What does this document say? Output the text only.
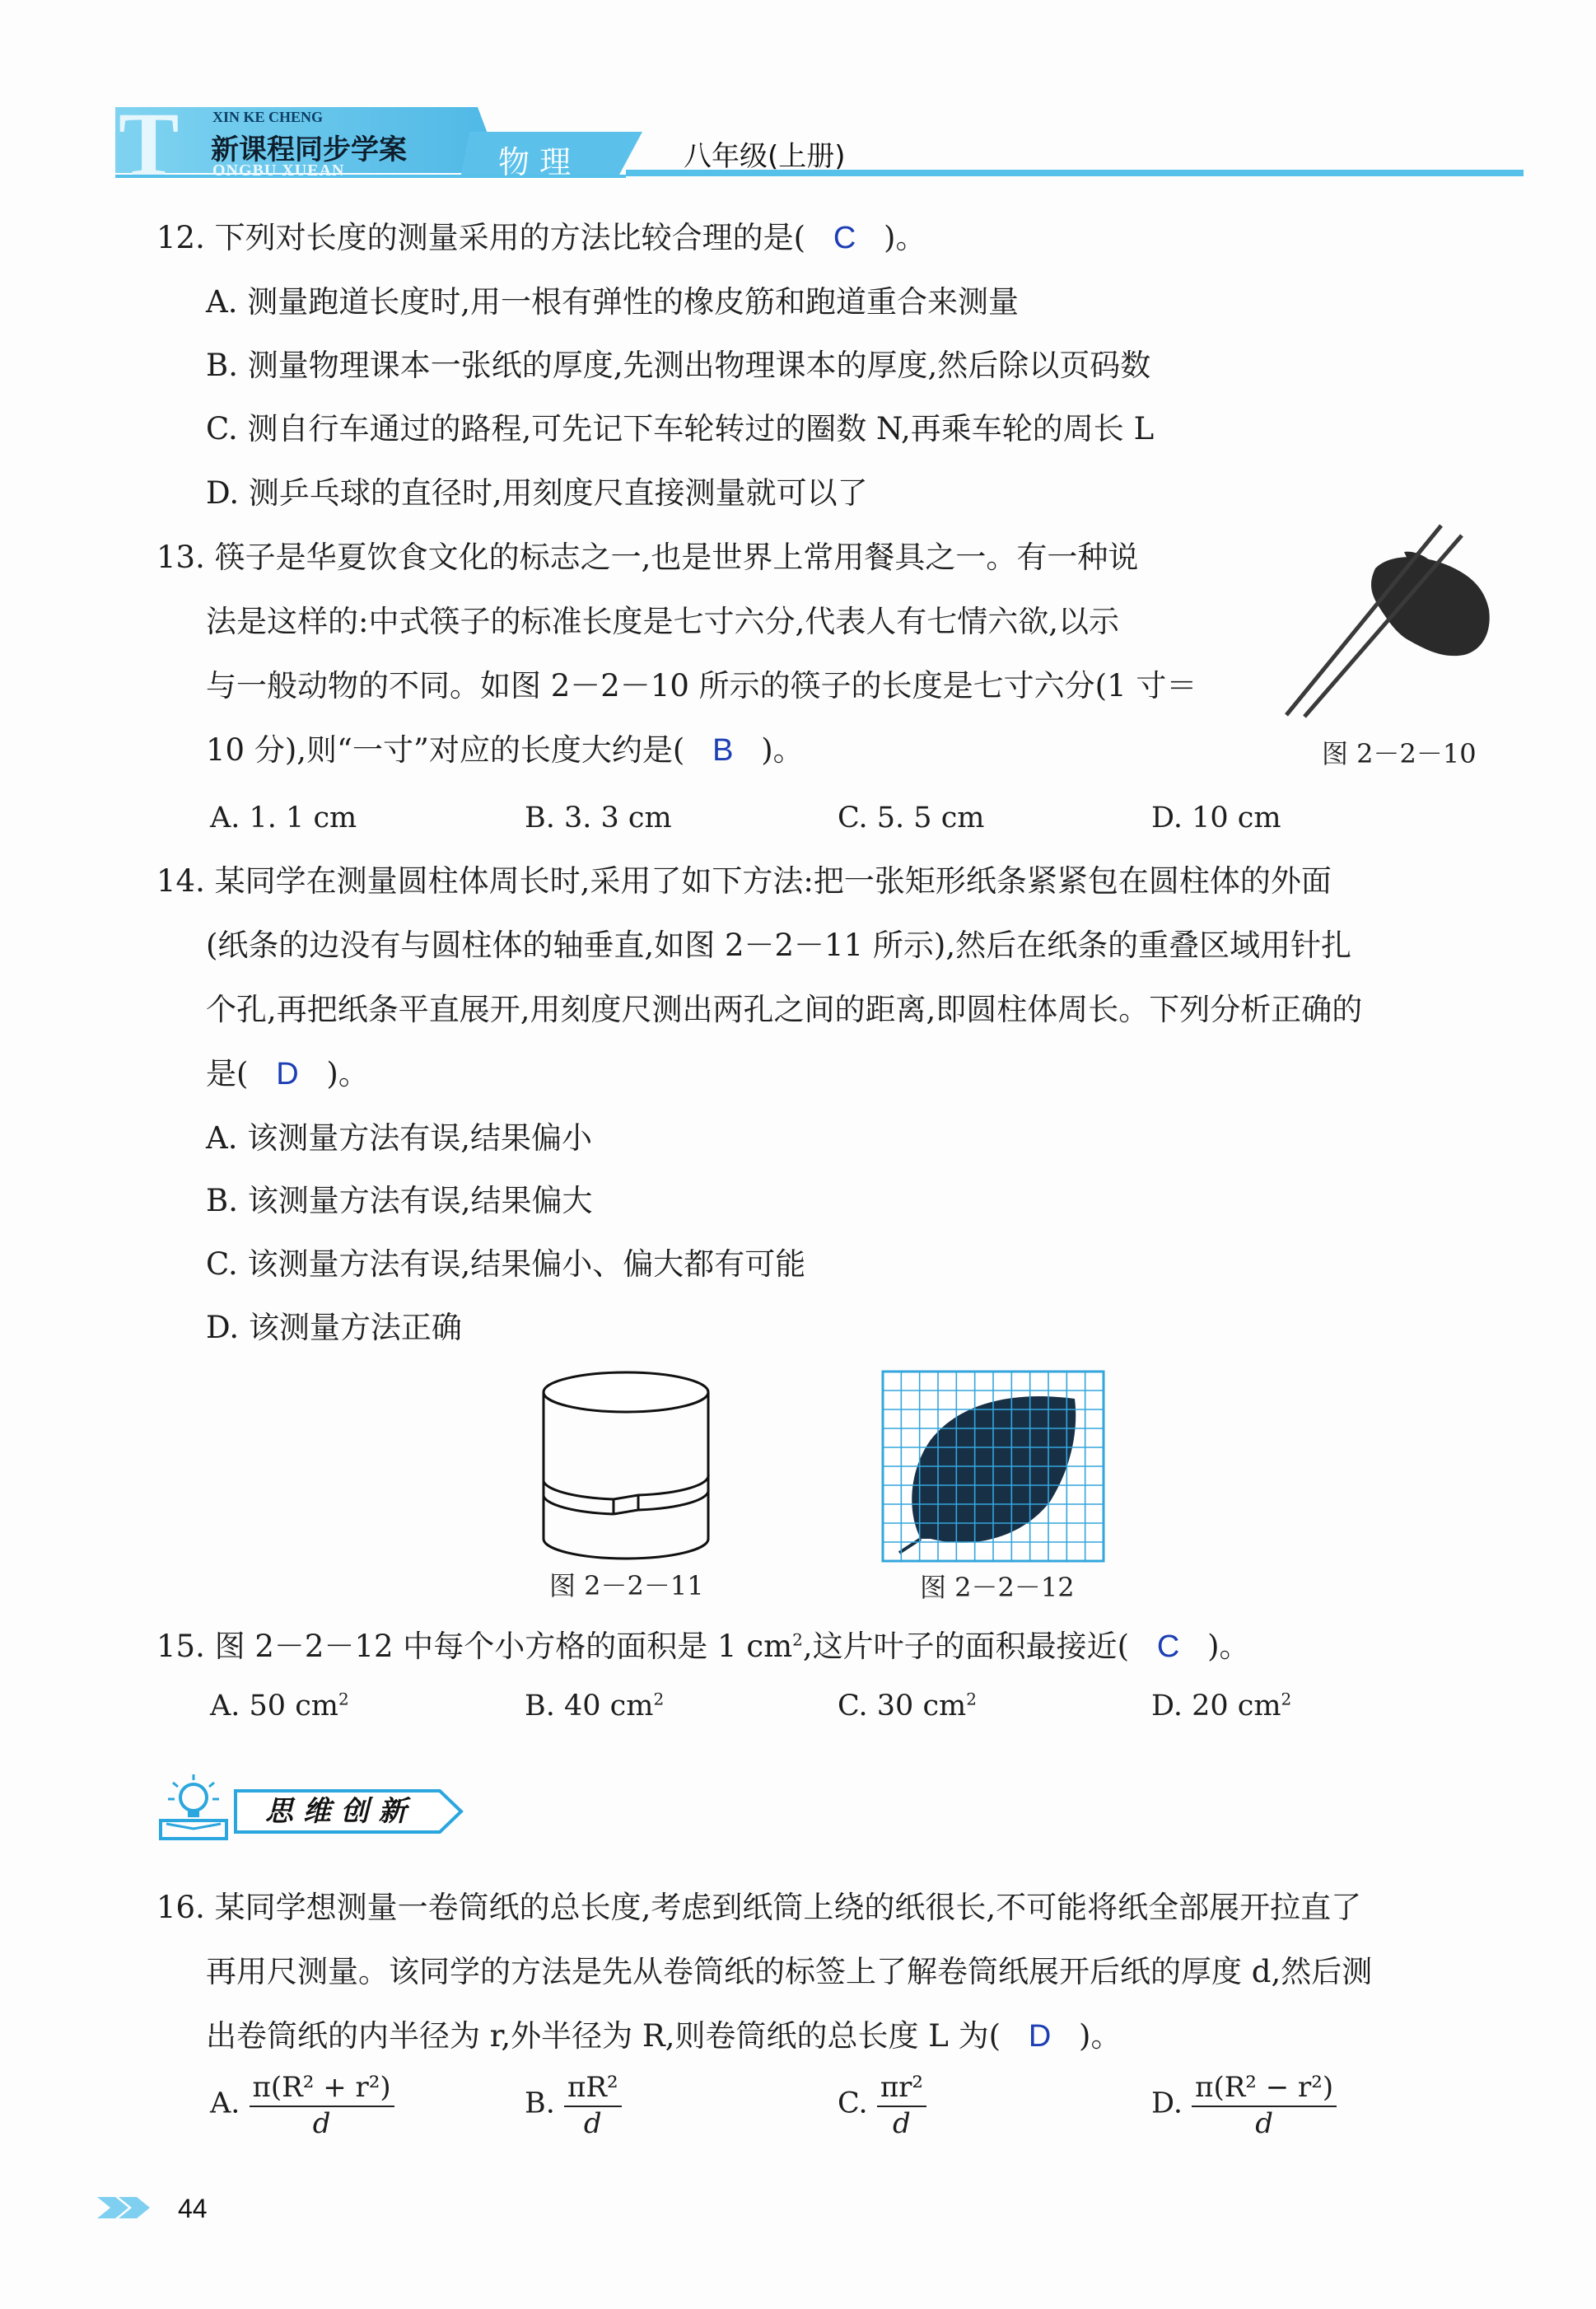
T XIN KE CHENG
新课程同步学案
ONGBU XUEAN	物 理	八年级(上册)
12. 下列对长度的测量采用的方法比较合理的是( C )。
A. 测量跑道长度时,用一根有弹性的橡皮筋和跑道重合来测量
B. 测量物理课本一张纸的厚度,先测出物理课本的厚度,然后除以页码数
C. 测自行车通过的路程,可先记下车轮转过的圈数 N,再乘车轮的周长 L
D. 测乒乓球的直径时,用刻度尺直接测量就可以了
13. 筷子是华夏饮食文化的标志之一,也是世界上常用餐具之一。有一种说
法是这样的:中式筷子的标准长度是七寸六分,代表人有七情六欲,以示
与一般动物的不同。如图 2－2－10 所示的筷子的长度是七寸六分(1 寸＝
10 分),则“一寸”对应的长度大约是( B )。	图 2－2－10
A. 1. 1 cm	B. 3. 3 cm	C. 5. 5 cm	D. 10 cm
14. 某同学在测量圆柱体周长时,采用了如下方法:把一张矩形纸条紧紧包在圆柱体的外面
(纸条的边没有与圆柱体的轴垂直,如图 2－2－11 所示),然后在纸条的重叠区域用针扎
个孔,再把纸条平直展开,用刻度尺测出两孔之间的距离,即圆柱体周长。下列分析正确的
是( D )。
A. 该测量方法有误,结果偏小
B. 该测量方法有误,结果偏大
C. 该测量方法有误,结果偏小、偏大都有可能
D. 该测量方法正确
图 2－2－11	图 2－2－12
15. 图 2－2－12 中每个小方格的面积是 1 $cm^2$,这片叶子的面积最接近( C )。
A. 50 $cm^2$	B. 40 $cm^2$	C. 30 $cm^2$	D. 20 $cm^2$
思 维 创 新
16. 某同学想测量一卷筒纸的总长度,考虑到纸筒上绕的纸很长,不可能将纸全部展开拉直了
再用尺测量。该同学的方法是先从卷筒纸的标签上了解卷筒纸展开后纸的厚度 d,然后测
出卷筒纸的内半径为 r,外半径为 R,则卷筒纸的总长度 L 为( D )。
A. $\frac{\text{π(R² + r²)}}{d}$	B. $\frac{\text{πR²}}{d}$	C. $\frac{\text{πr²}}{d}$	D. $\frac{\text{π(R² − r²)}}{d}$
44
